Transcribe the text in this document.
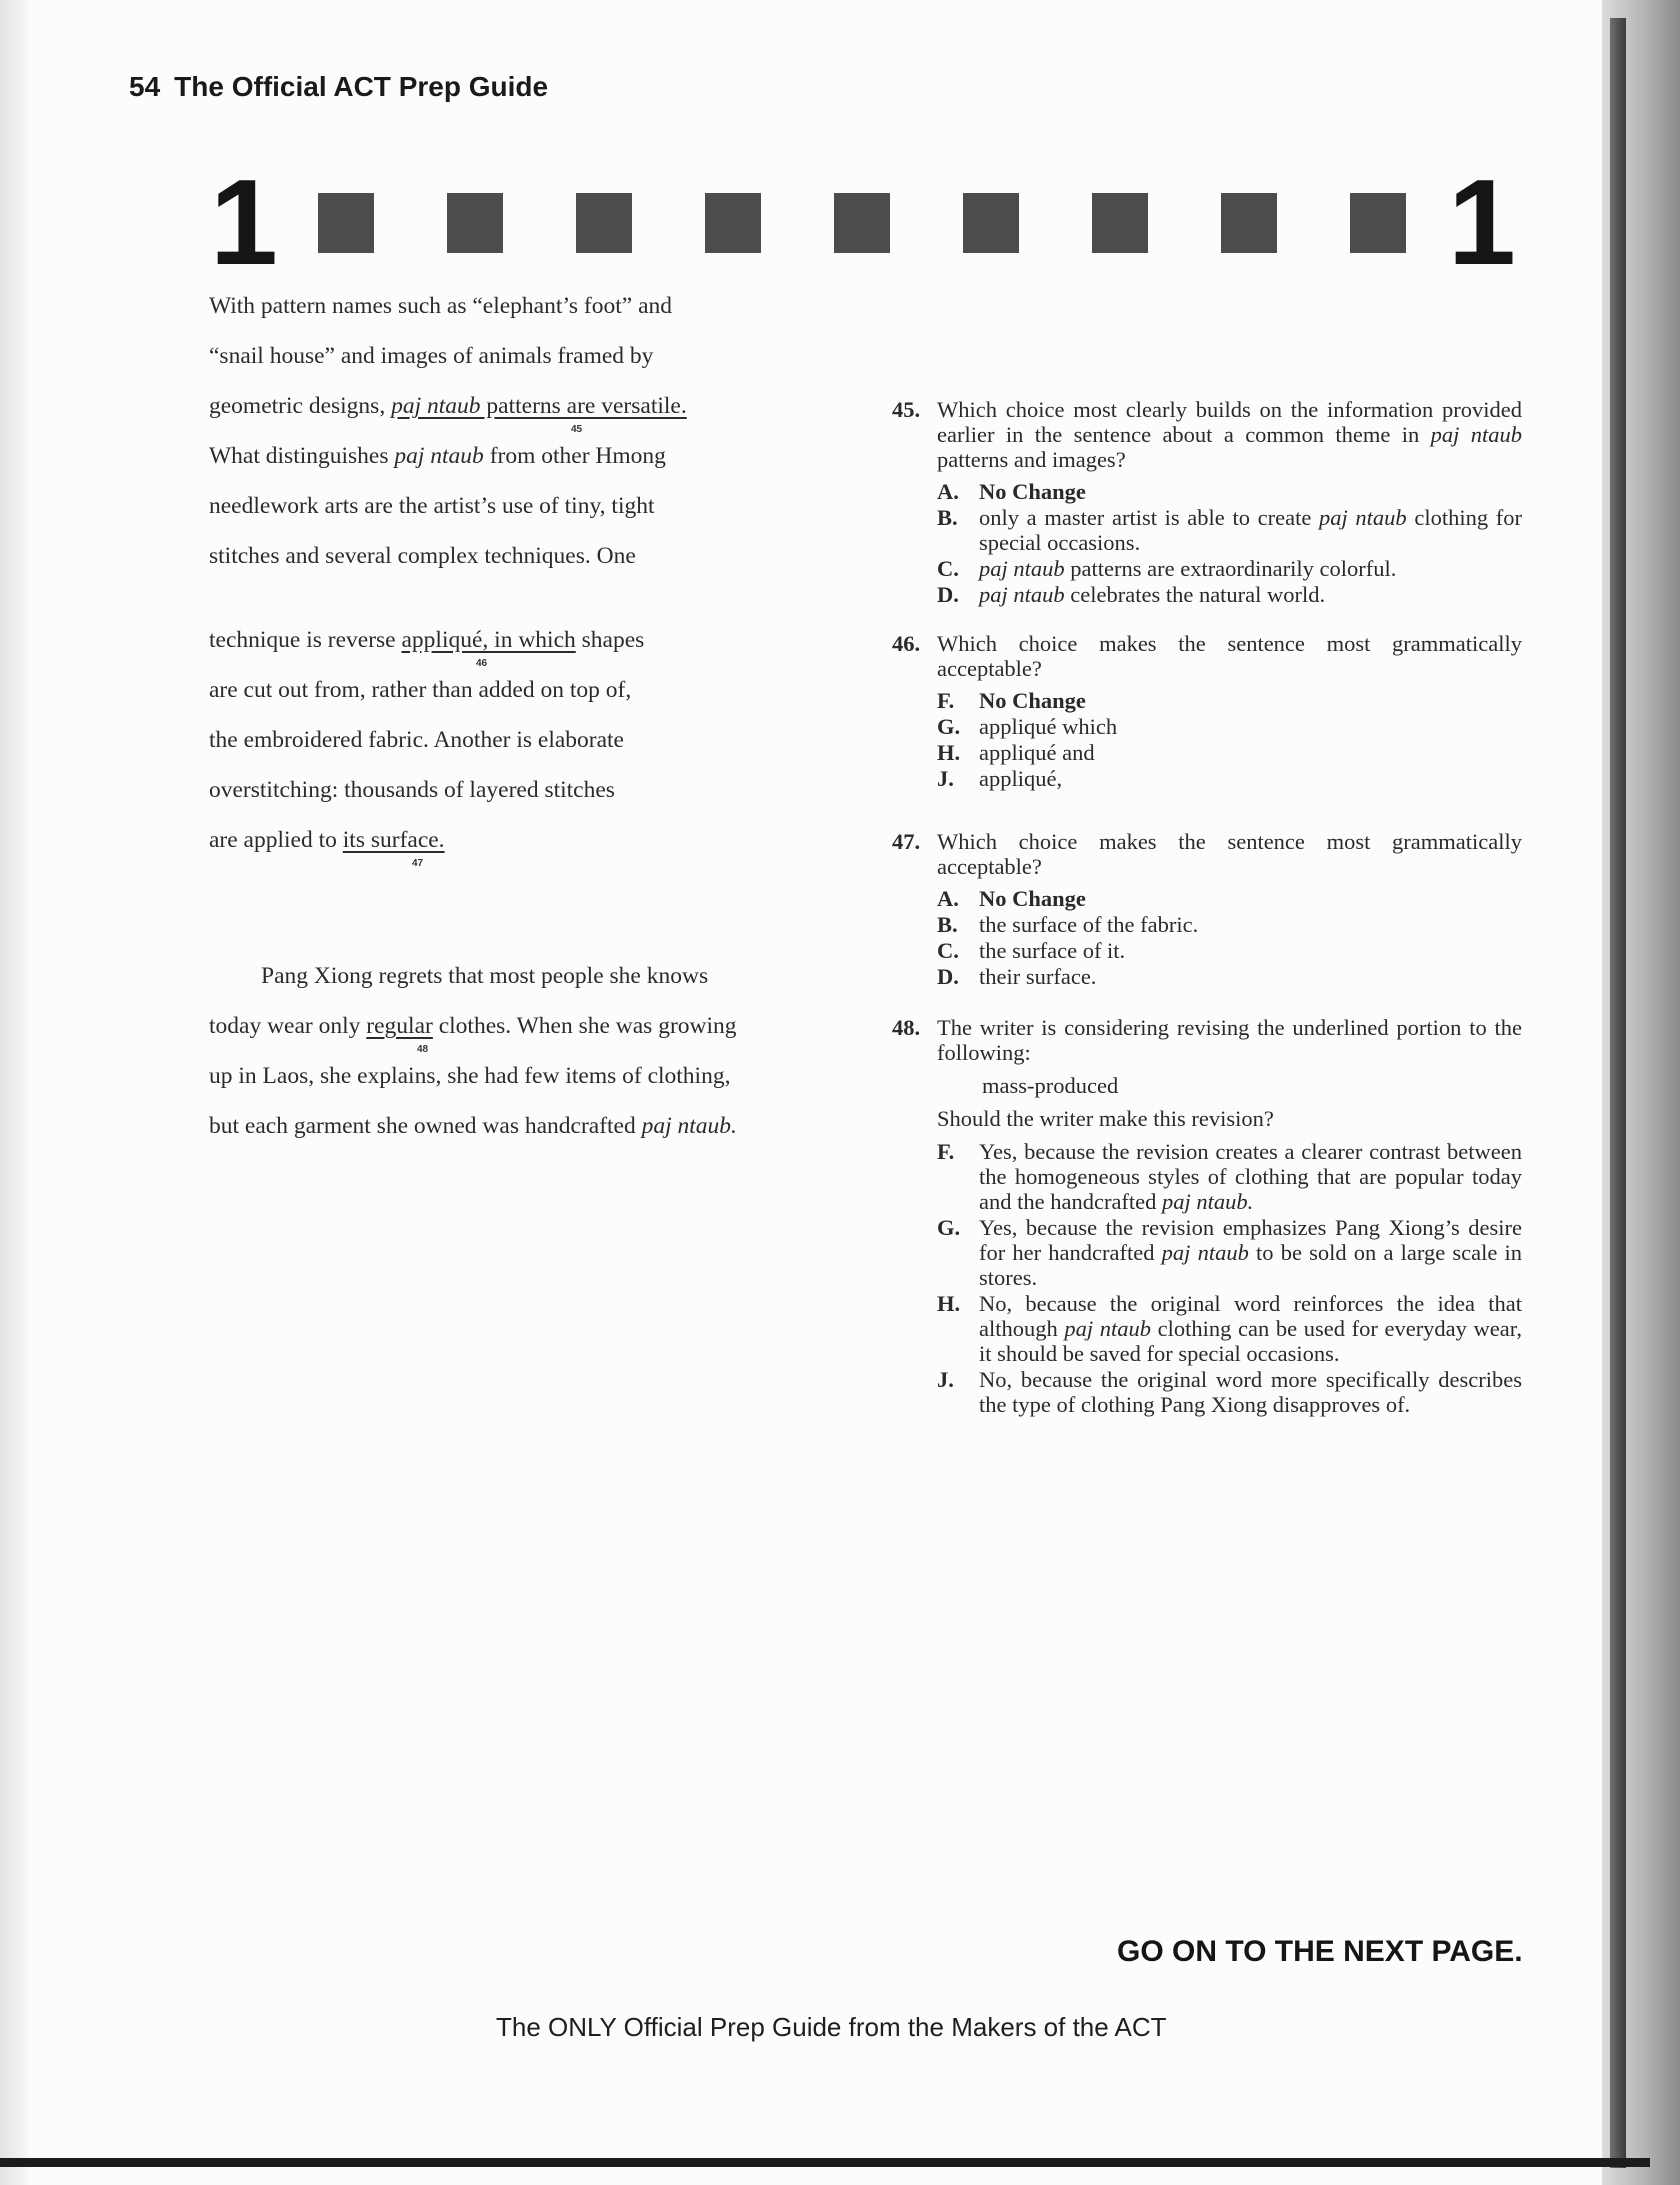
54 The Official ACT Prep Guide
1	1
With pattern names such as “elephant’s foot” and
“snail house” and images of animals framed by
geometric designs, paj ntaub patterns are versatile.
45
What distinguishes paj ntaub from other Hmong
needlework arts are the artist’s use of tiny, tight
stitches and several complex techniques. One
technique is reverse appliqué, in which shapes
46
are cut out from, rather than added on top of,
the embroidered fabric. Another is elaborate
overstitching: thousands of layered stitches
are applied to its surface.
47
Pang Xiong regrets that most people she knows
today wear only regular clothes. When she was growing
48
up in Laos, she explains, she had few items of clothing,
but each garment she owned was handcrafted paj ntaub.
45. Which choice most clearly builds on the information provided earlier in the sentence about a common theme in paj ntaub patterns and images?
A. No Change
B. only a master artist is able to create paj ntaub clothing for special occasions.
C. paj ntaub patterns are extraordinarily colorful.
D. paj ntaub celebrates the natural world.
46. Which choice makes the sentence most grammatically acceptable?
F. No Change
G. appliqué which
H. appliqué and
J. appliqué,
47. Which choice makes the sentence most grammatically acceptable?
A. No Change
B. the surface of the fabric.
C. the surface of it.
D. their surface.
48. The writer is considering revising the underlined portion to the following:
mass-produced
Should the writer make this revision?
F. Yes, because the revision creates a clearer contrast between the homogeneous styles of clothing that are popular today and the handcrafted paj ntaub.
G. Yes, because the revision emphasizes Pang Xiong’s desire for her handcrafted paj ntaub to be sold on a large scale in stores.
H. No, because the original word reinforces the idea that although paj ntaub clothing can be used for everyday wear, it should be saved for special occasions.
J. No, because the original word more specifically describes the type of clothing Pang Xiong disapproves of.
GO ON TO THE NEXT PAGE.
The ONLY Official Prep Guide from the Makers of the ACT
